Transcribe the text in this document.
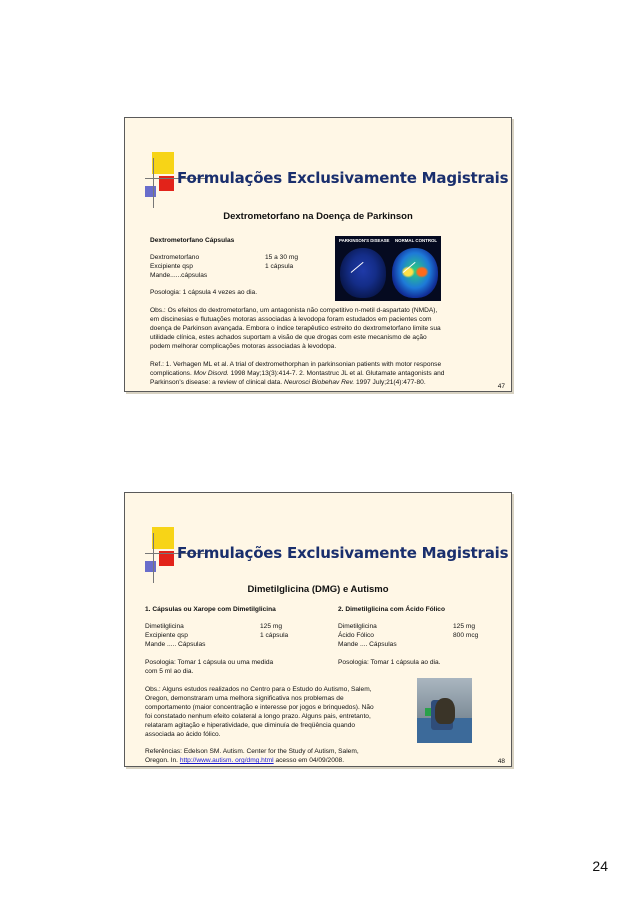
Formulações Exclusivamente Magistrais
Dextrometorfano na Doença de Parkinson
Dextrometorfano Cápsulas
Dextrometorfano	15 a 30 mg
Excipiente qsp	1 cápsula
Mande......cápsulas
Posologia: 1 cápsula 4 vezes ao dia.
Obs.: Os efeitos do dextrometorfano, um antagonista não competitivo n-metil d-aspartato (NMDA),
em discinesias e flutuações motoras associadas à levodopa foram estudados em pacientes com
doença de Parkinson avançada. Embora o índice terapêutico estreito do dextrometorfano limite sua
utilidade clínica, estes achados suportam a visão de que drogas com este mecanismo de ação
podem melhorar complicações motoras associadas à levodopa.
Ref.: 1. Verhagen ML et al. A trial of dextromethorphan in parkinsonian patients with motor response
complications. Mov Disord. 1998 May;13(3):414-7. 2. Montastruc JL et al. Glutamate antagonists and
Parkinson's disease: a review of clinical data. Neurosci Biobehav Rev. 1997 July;21(4):477-80.
47
PARKINSON'S DISEASE NORMAL CONTROL
Formulações Exclusivamente Magistrais
Dimetilglicina (DMG) e Autismo
1. Cápsulas ou Xarope com Dimetilglicina
Dimetilglicina	125 mg
Excipiente qsp	1 cápsula
Mande ..... Cápsulas
Posologia: Tomar 1 cápsula ou uma medida
com 5 ml ao dia.
2. Dimetilglicina com Ácido Fólico
Dimetilglicina	125 mg
Ácido Fólico	800 mcg
Mande .... Cápsulas
Posologia: Tomar 1 cápsula ao dia.
Obs.: Alguns estudos realizados no Centro para o Estudo do Autismo, Salem,
Oregon, demonstraram uma melhora significativa nos problemas de
comportamento (maior concentração e interesse por jogos e brinquedos). Não
foi constatado nenhum efeito colateral a longo prazo. Alguns pais, entretanto,
relataram agitação e hiperatividade, que diminuía de freqüência quando
associada ao ácido fólico.
Referências: Edelson SM. Autism. Center for the Study of Autism, Salem,
Oregon. In. http://www.autism. org/dmg.html acesso em 04/09/2008.	48
24
